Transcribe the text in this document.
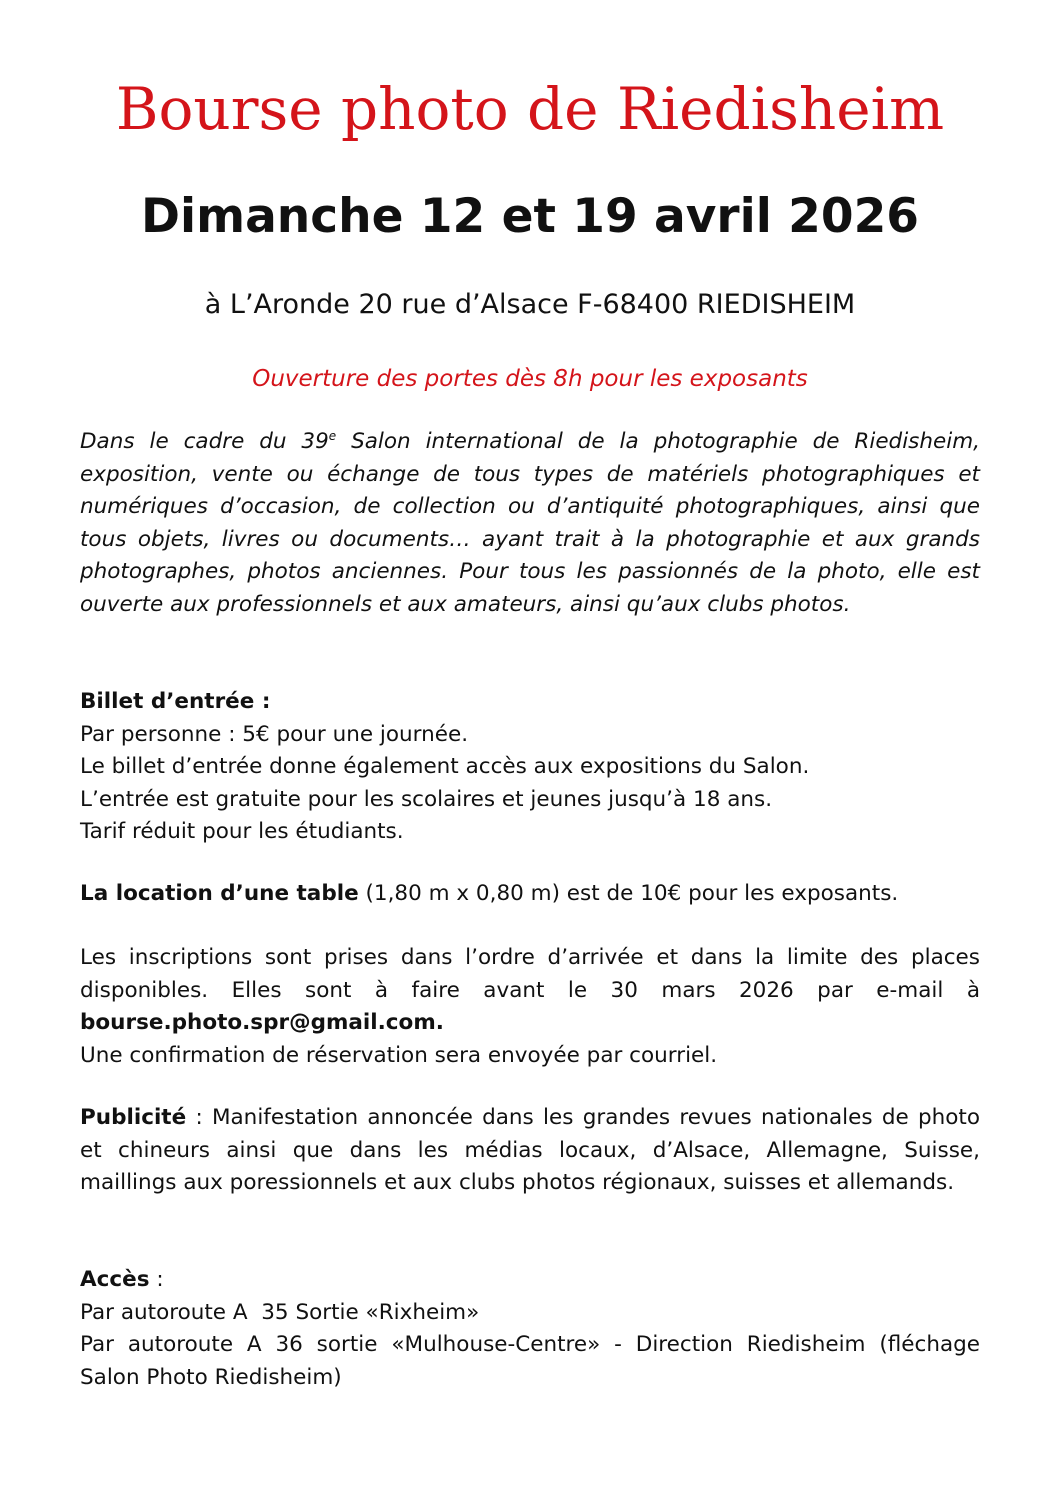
Bourse photo de Riedisheim
Dimanche 12 et 19 avril 2026

à L’Aronde 20 rue d’Alsace F-68400 RIEDISHEIM

Ouverture des portes dès 8h pour les exposants

Dans le cadre du 39e Salon international de la photographie de Riedisheim, exposition, vente ou échange de tous types de matériels photographiques et numériques d’occasion, de collection ou d’antiquité photographiques, ainsi que tous objets, livres ou documents… ayant trait à la photographie et aux grands photographes, photos anciennes. Pour tous les passionnés de la photo, elle est ouverte aux professionnels et aux amateurs, ainsi qu’aux clubs photos.

Billet d’entrée :
Par personne : 5€ pour une journée.
Le billet d’entrée donne également accès aux expositions du Salon.
L’entrée est gratuite pour les scolaires et jeunes jusqu’à 18 ans.
Tarif réduit pour les étudiants.

La location d’une table (1,80 m x 0,80 m) est de 10€ pour les exposants.

Les inscriptions sont prises dans l’ordre d’arrivée et dans la limite des places disponibles. Elles sont à faire avant le 30 mars 2026 par e-mail à bourse.photo.spr@gmail.com.

Une confirmation de réservation sera envoyée par courriel.

Publicité : Manifestation annoncée dans les grandes revues nationales de photo et chineurs ainsi que dans les médias locaux, d’Alsace, Allemagne, Suisse, maillings aux poressionnels et aux clubs photos régionaux, suisses et allemands.

Accès :
Par autoroute A  35 Sortie «Rixheim»

Par autoroute A 36 sortie «Mulhouse-Centre» - Direction Riedisheim (fléchage Salon Photo Riedisheim)
